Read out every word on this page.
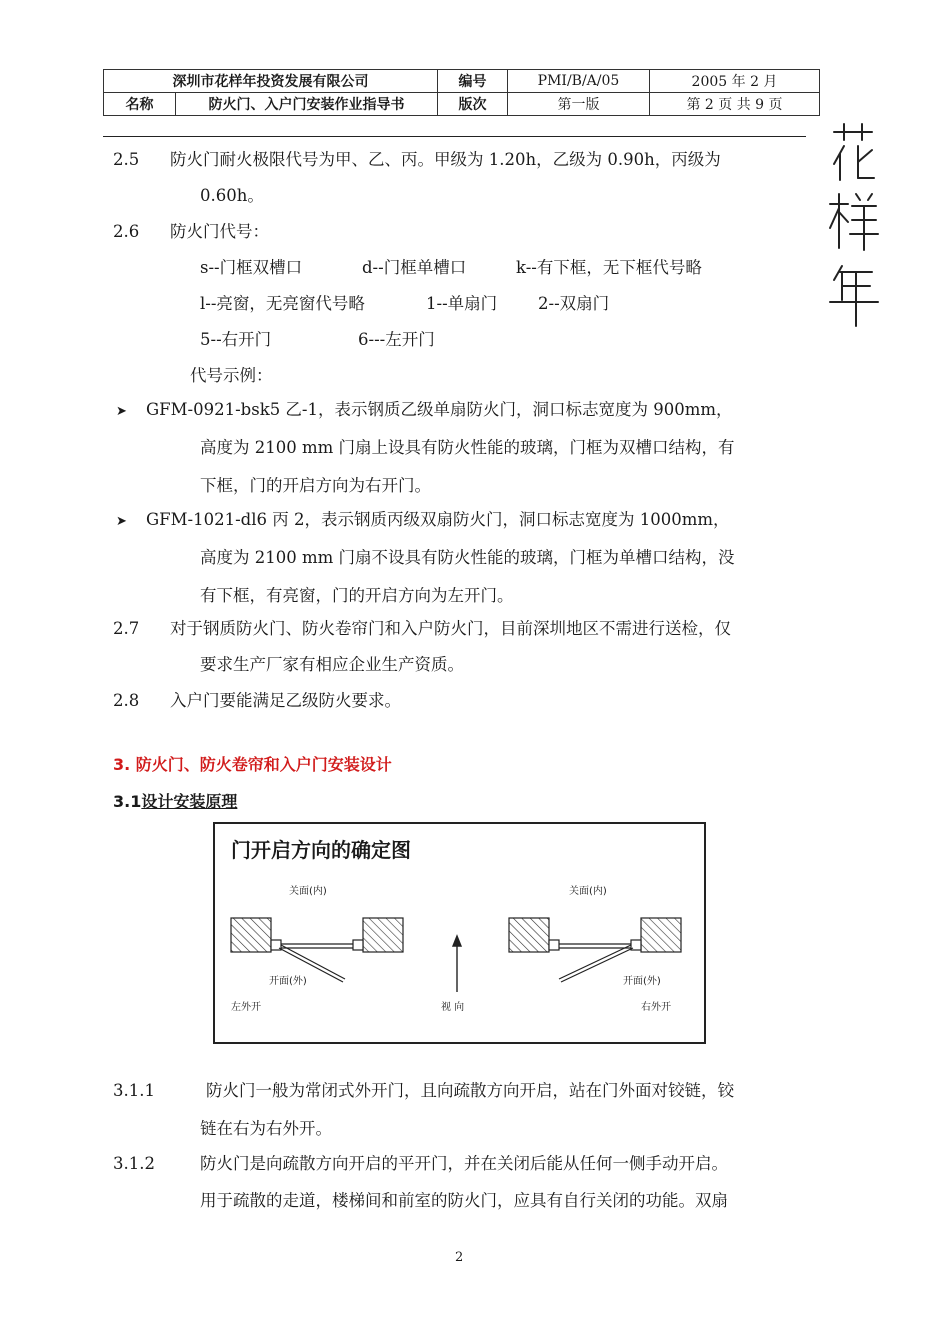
深圳市花样年投资发展有限公司		编号	PMI/B/A/05	2005 年 2 月
名称	防火门、入户门安装作业指导书	版次	第一版	第 2 页 共 9 页
2.5 防火门耐火极限代号为甲、乙、丙。甲级为 1.20h，乙级为 0.90h，丙级为
0.60h。
2.6 防火门代号：
s--门框双槽口	d--门框单槽口	k--有下框，无下框代号略
l--亮窗，无亮窗代号略	1--单扇门 2--双扇门
5--右开门	6---左开门
代号示例：
➤ GFM-0921-bsk5 乙-1，表示钢质乙级单扇防火门，洞口标志宽度为 900mm，
高度为 2100 mm 门扇上设具有防火性能的玻璃，门框为双槽口结构，有
下框，门的开启方向为右开门。
➤ GFM-1021-dl6 丙 2，表示钢质丙级双扇防火门，洞口标志宽度为 1000mm，
高度为 2100 mm 门扇不设具有防火性能的玻璃，门框为单槽口结构，没
有下框，有亮窗，门的开启方向为左开门。
2.7 对于钢质防火门、防火卷帘门和入户防火门，目前深圳地区不需进行送检，仅
要求生产厂家有相应企业生产资质。
2.8 入户门要能满足乙级防火要求。
3. 防火门、防火卷帘和入户门安装设计
3.1设计安装原理
门开启方向的确定图
关面(内)
开面(外)
左外开	视 向
关面(内)
开面(外)
右外开
3.1.1	防火门一般为常闭式外开门，且向疏散方向开启，站在门外面对铰链，铰
链在右为右外开。
3.1.2	防火门是向疏散方向开启的平开门，并在关闭后能从任何一侧手动开启。
用于疏散的走道，楼梯间和前室的防火门，应具有自行关闭的功能。双扇
2
